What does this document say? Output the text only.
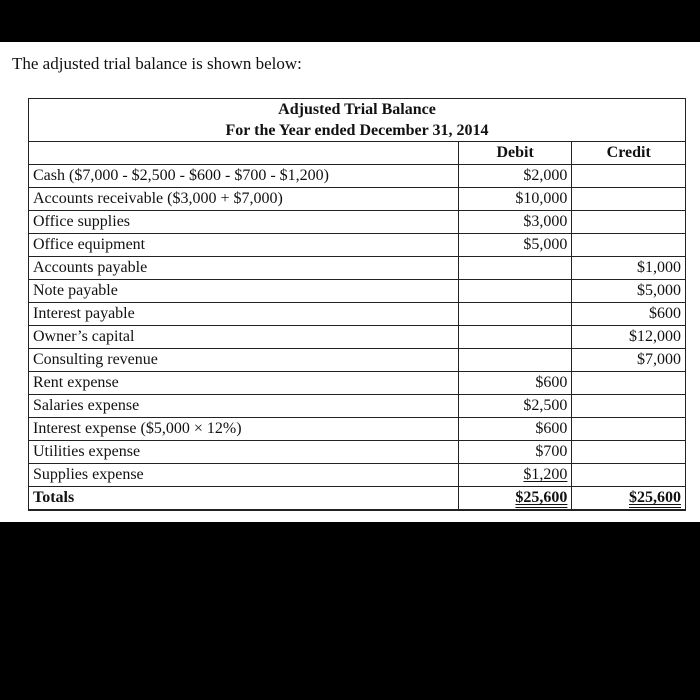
The adjusted trial balance is shown below:
Adjusted Trial Balance
For the Year ended December 31, 2014		

	Debit	Credit
Cash ($7,000 - $2,500 - $600 - $700 - $1,200)	$2,000	
Accounts receivable ($3,000 + $7,000)	$10,000	
Office supplies	$3,000	
Office equipment	$5,000	
Accounts payable		$1,000
Note payable		$5,000
Interest payable		$600
Owner’s capital		$12,000
Consulting revenue		$7,000
Rent expense	$600	
Salaries expense	$2,500	
Interest expense ($5,000 × 12%)	$600	
Utilities expense	$700	
Supplies expense	$1,200	
Totals	$25,600	$25,600
